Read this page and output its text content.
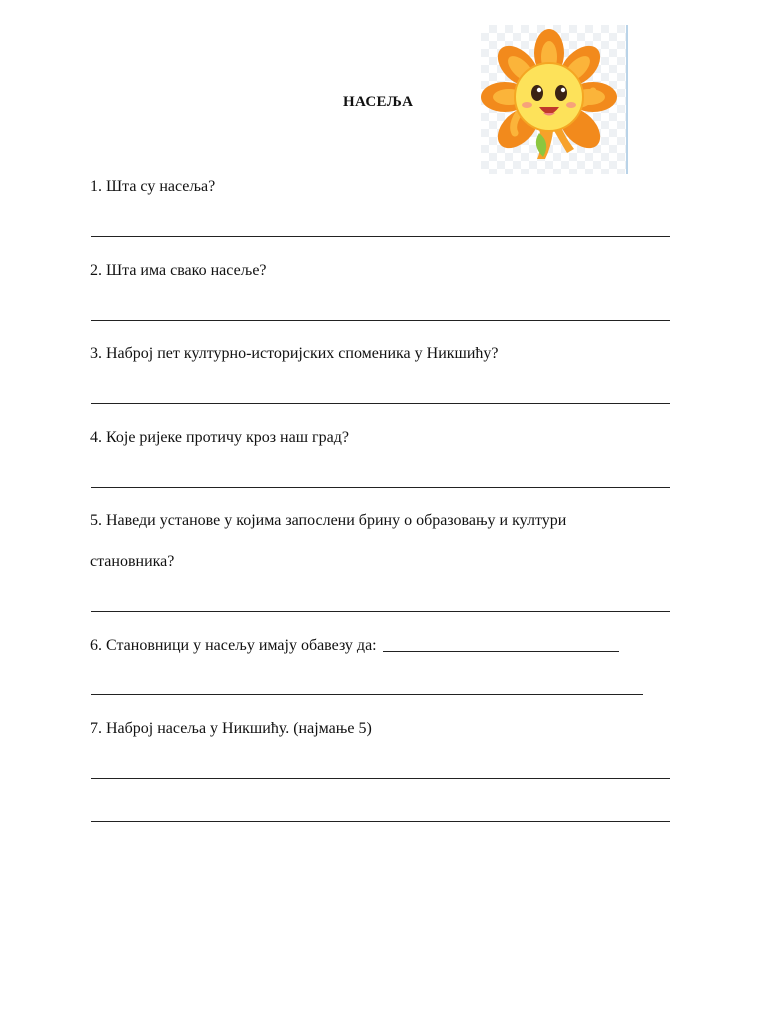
НАСЕЉА
1. Шта су насеља?
2. Шта има свако насеље?
3. Наброј пет културно-историјских споменика у Никшићу?
4. Које ријеке протичу кроз наш град?
5. Наведи установе у којима запослени брину о образовању и култури
становника?
6. Становници у насељу имају обавезу да:
7. Наброј насеља у Никшићу. (најмање 5)
